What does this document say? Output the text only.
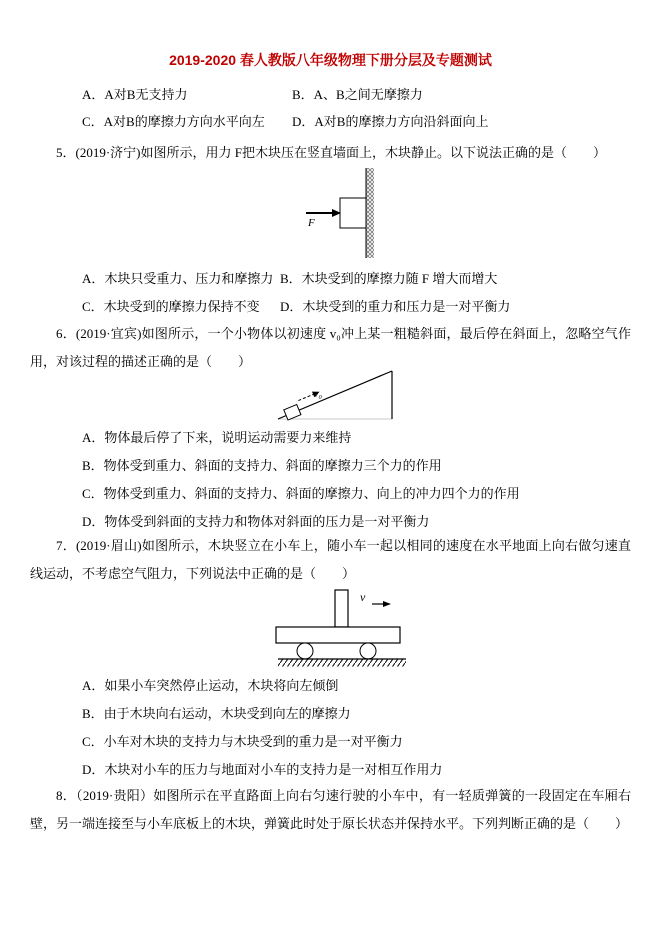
2019-2020 春人教版八年级物理下册分层及专题测试
A．A对B无支持力	B．A、B之间无摩擦力
C．A对B的摩擦力方向水平向左	D．A对B的摩擦力方向沿斜面向上
5．(2019·济宁)如图所示，用力 F把木块压在竖直墙面上，木块静止。以下说法正确的是（　　）
F
A．木块只受重力、压力和摩擦力 B．木块受到的摩擦力随 F 增大而增大
C．木块受到的摩擦力保持不变	D．木块受到的重力和压力是一对平衡力
6．(2019·宜宾)如图所示，一个小物体以初速度 v₀冲上某一粗糙斜面，最后停在斜面上，忽略空气作用，对该过程的描述正确的是（　　）
v₀
A．物体最后停了下来，说明运动需要力来维持
B．物体受到重力、斜面的支持力、斜面的摩擦力三个力的作用
C．物体受到重力、斜面的支持力、斜面的摩擦力、向上的冲力四个力的作用
D．物体受到斜面的支持力和物体对斜面的压力是一对平衡力
7．(2019·眉山)如图所示，木块竖立在小车上，随小车一起以相同的速度在水平地面上向右做匀速直线运动，不考虑空气阻力，下列说法中正确的是（　　）
v
A．如果小车突然停止运动，木块将向左倾倒
B．由于木块向右运动，木块受到向左的摩擦力
C．小车对木块的支持力与木块受到的重力是一对平衡力
D．木块对小车的压力与地面对小车的支持力是一对相互作用力
8．（2019·贵阳）如图所示在平直路面上向右匀速行驶的小车中，有一轻质弹簧的一段固定在车厢右壁，另一端连接至与小车底板上的木块，弹簧此时处于原长状态并保持水平。下列判断正确的是（　　）
